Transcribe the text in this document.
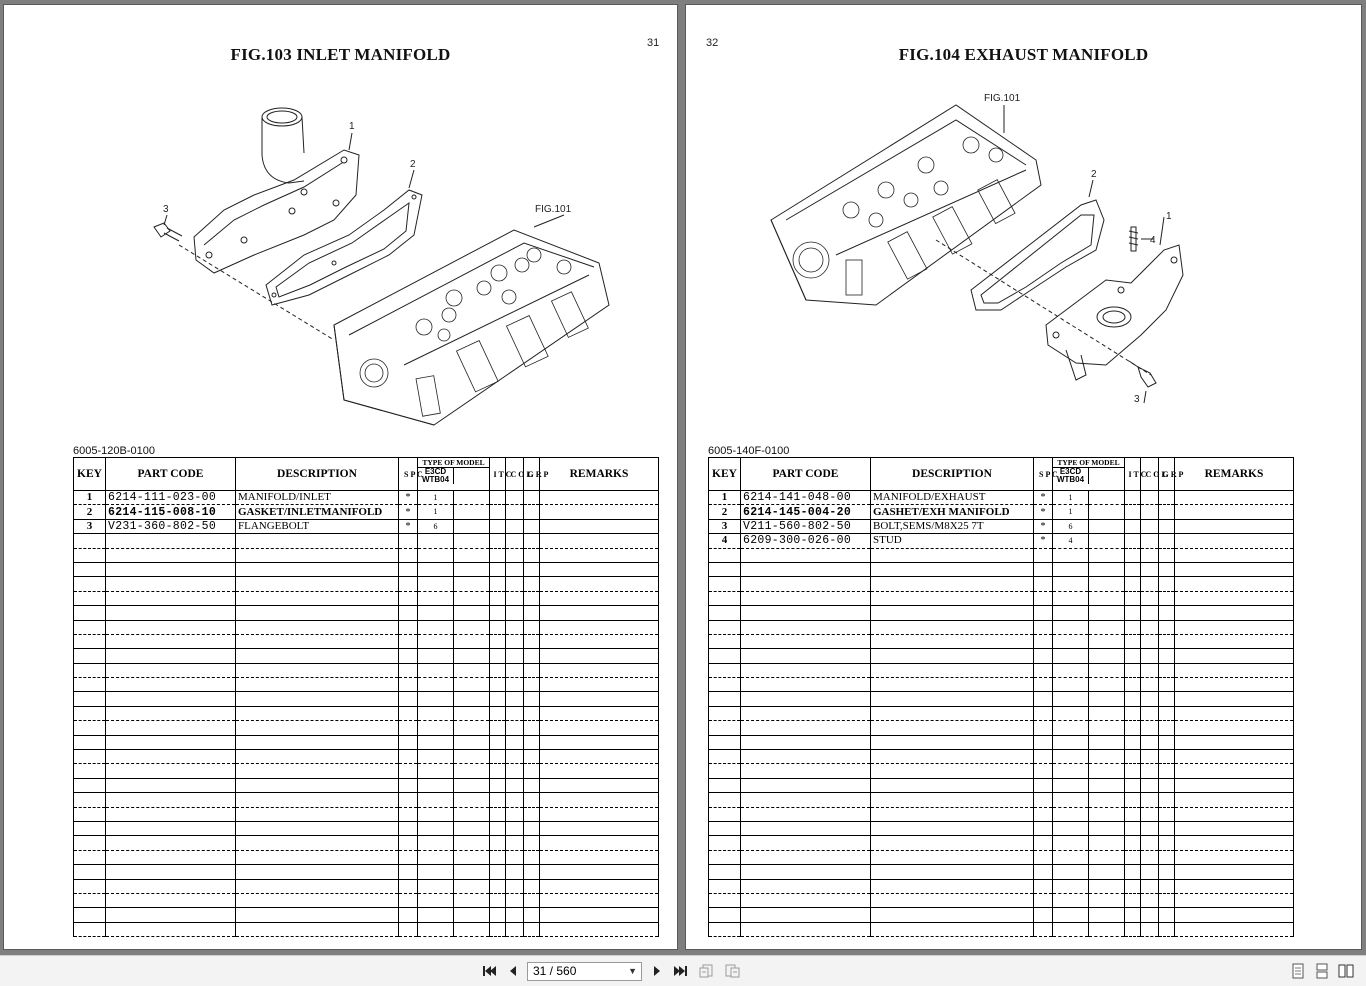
FIG.103 INLET MANIFOLD
31
1
2
3	FIG.101
6005-120B-0100
KEY	PART CODE	DESCRIPTION	S P C	TYPE OF MODEL
E3CD
WTB04		I T C	C O L	G R P	REMARKS
1	6214-111-023-00	MANIFOLD/INLET	*	1					
2	6214-115-008-10	GASKET/INLETMANIFOLD	*	1					
3	V231-360-802-50	FLANGEBOLT	*	6					

FIG.104 EXHAUST MANIFOLD
32
FIG.101
1
2
3
4
6005-140F-0100
KEY	PART CODE	DESCRIPTION	S P C	TYPE OF MODEL
E3CD
WTB04		I T C	C O L	G R P	REMARKS
1	6214-141-048-00	MANIFOLD/EXHAUST	*	1					
2	6214-145-004-20	GASHET/EXH MANIFOLD	*	1					
3	V211-560-802-50	BOLT,SEMS/M8X25 7T	*	6					
4	6209-300-026-00	STUD	*	4					

31 / 560	▼
